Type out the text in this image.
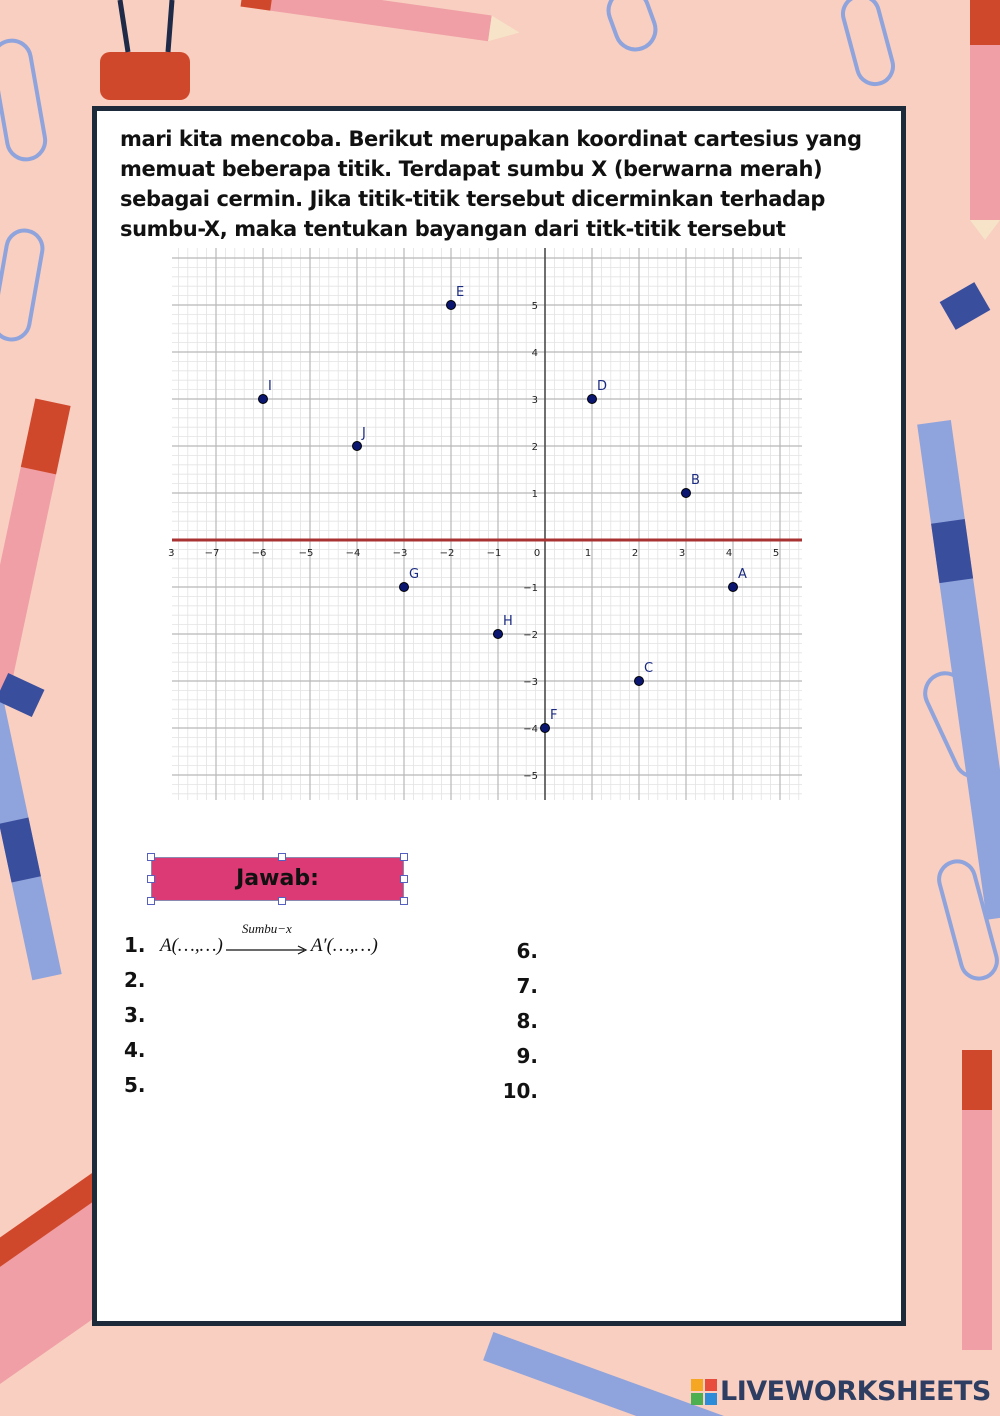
mari kita mencoba. Berikut merupakan koordinat cartesius yang memuat beberapa titik. Terdapat sumbu X (berwarna merah) sebagai cermin. Jika titik-titik tersebut dicerminkan terhadap sumbu-X, maka tentukan bayangan dari titk-titik tersebut
3	−7	−6	−5	−4	−3	−2	−1	0	1	2	3	4	5
5
4
3
2
1
−1
−2
−3
−4
−5
A
B
C
D
E
F
G
H
I
J
Jawab:
1. A(…,…)
Sumbu−x
A′(…,…)
2.
3.
4.
5.
6.
7.
8.
9.
10.
LIVEWORKSHEETS
